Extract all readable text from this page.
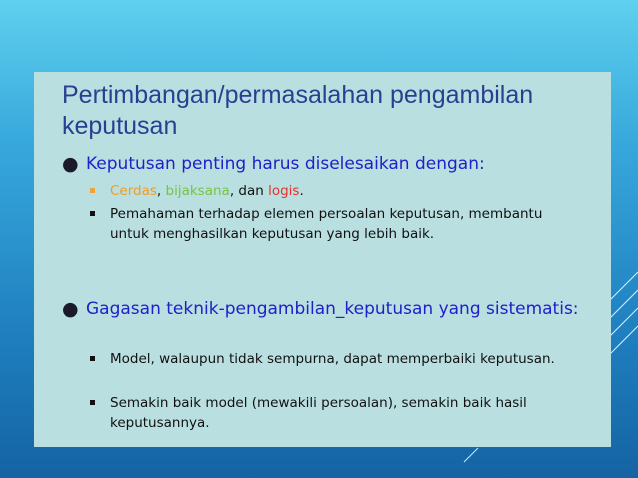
Pertimbangan/permasalahan pengambilan keputusan
● Keputusan penting harus diselesaikan dengan:
Cerdas, bijaksana, dan logis.
Pemahaman terhadap elemen persoalan keputusan, membantu untuk menghasilkan keputusan yang lebih baik.
● Gagasan teknik-pengambilan_keputusan yang sistematis:
Model, walaupun tidak sempurna, dapat memperbaiki keputusan.
Semakin baik model (mewakili persoalan), semakin baik hasil keputusannya.
